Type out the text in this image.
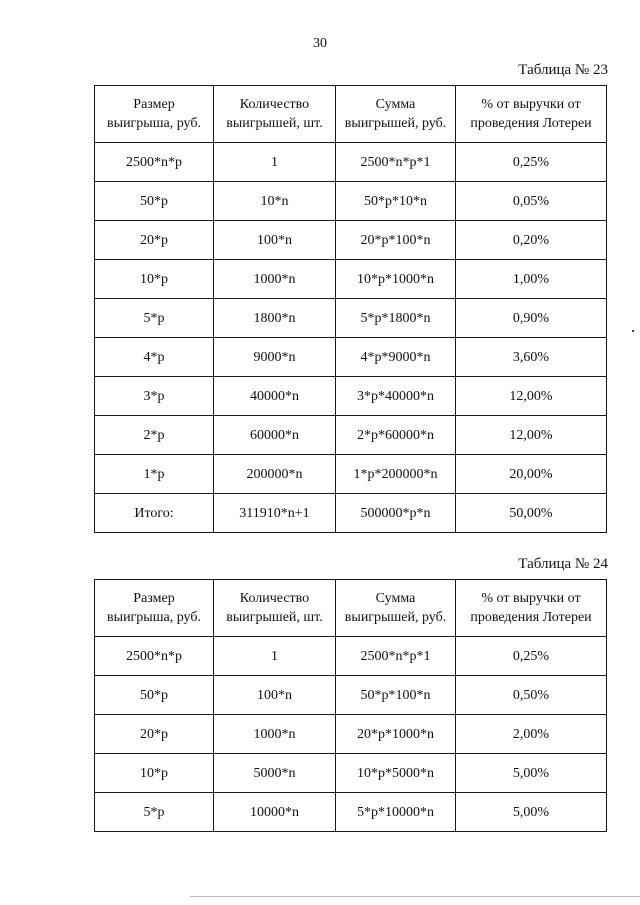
30
Таблица № 23
Размер выигрыша, руб.	Количество выигрышей, шт.	Сумма выигрышей, руб.	% от выручки от проведения Лотереи

2500*n*p	1	2500*n*p*1	0,25%
50*p	10*n	50*p*10*n	0,05%
20*p	100*n	20*p*100*n	0,20%
10*p	1000*n	10*p*1000*n	1,00%
5*p	1800*n	5*p*1800*n	0,90%
4*p	9000*n	4*p*9000*n	3,60%
3*p	40000*n	3*p*40000*n	12,00%
2*p	60000*n	2*p*60000*n	12,00%
1*p	200000*n	1*p*200000*n	20,00%
Итого:	311910*n+1	500000*p*n	50,00%
Таблица № 24
Размер выигрыша, руб.	Количество выигрышей, шт.	Сумма выигрышей, руб.	% от выручки от проведения Лотереи

2500*n*p	1	2500*n*p*1	0,25%
50*p	100*n	50*p*100*n	0,50%
20*p	1000*n	20*p*1000*n	2,00%
10*p	5000*n	10*p*5000*n	5,00%
5*p	10000*n	5*p*10000*n	5,00%
